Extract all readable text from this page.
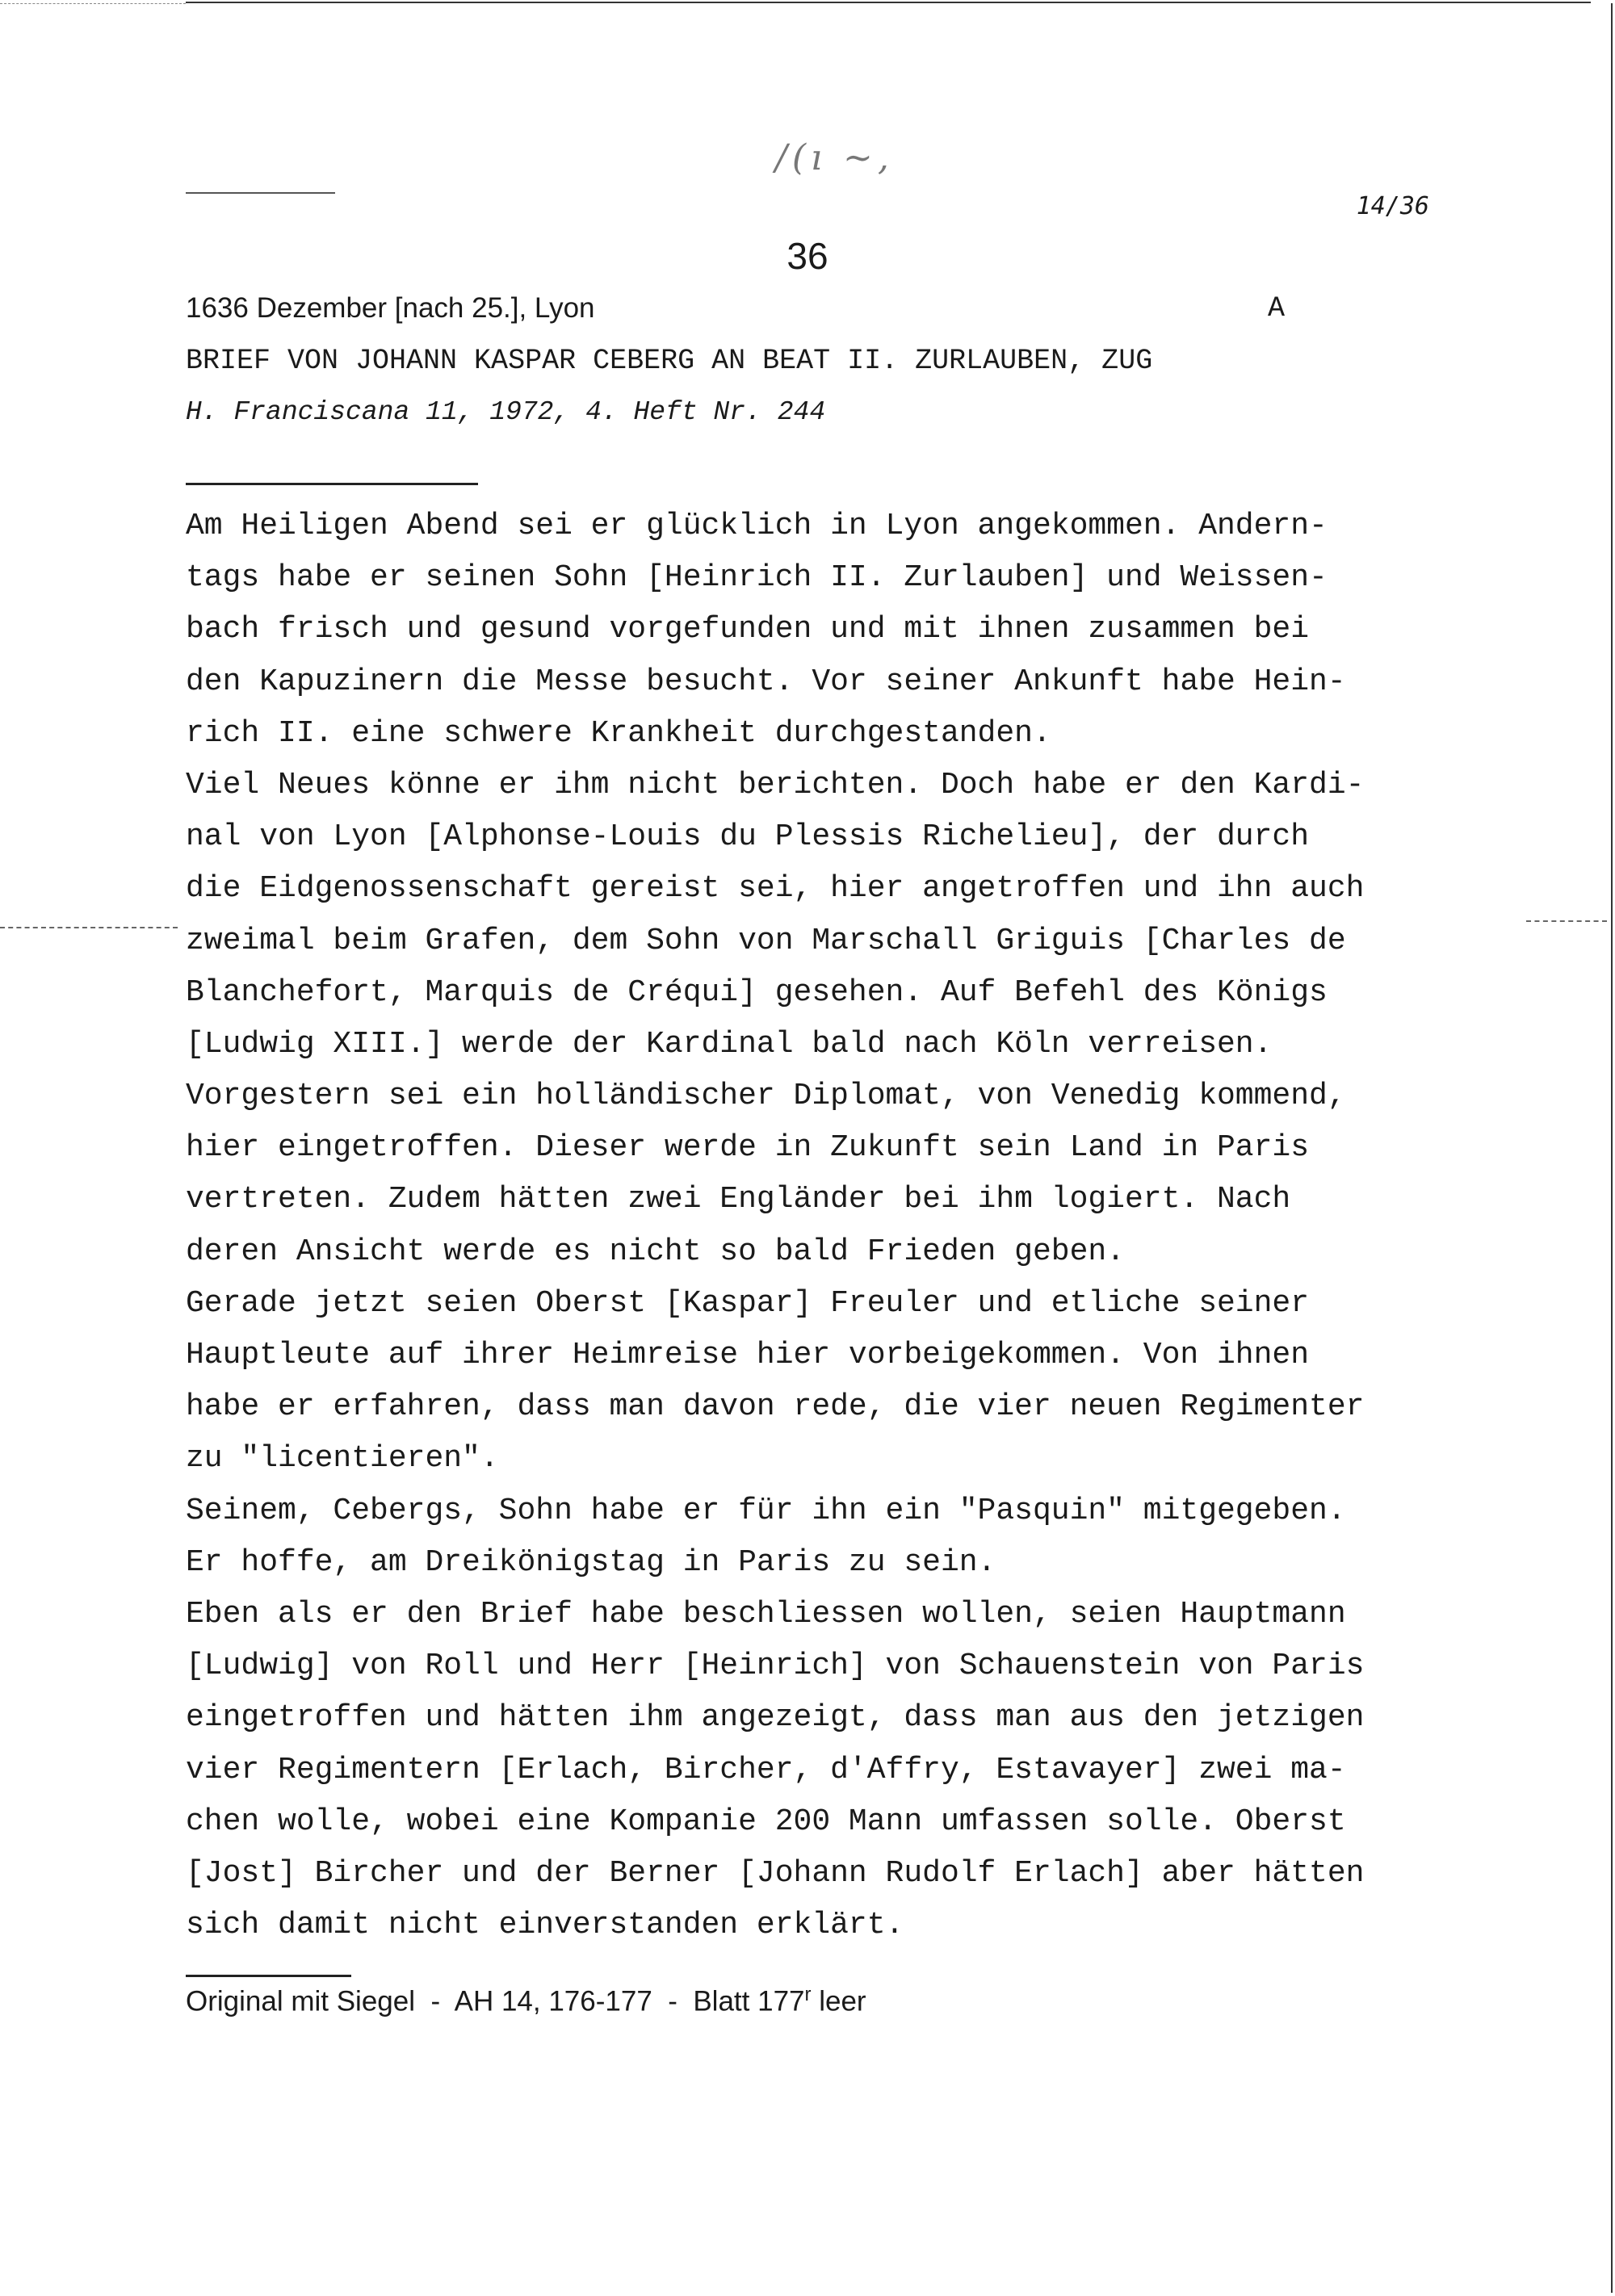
/(ı ~,
14/36
36
1636 Dezember [nach 25.], Lyon	A
BRIEF VON JOHANN KASPAR CEBERG AN BEAT II. ZURLAUBEN, ZUG
H. Franciscana 11, 1972, 4. Heft Nr. 244
Am Heiligen Abend sei er glücklich in Lyon angekommen. Andern-
tags habe er seinen Sohn [Heinrich II. Zurlauben] und Weissen-
bach frisch und gesund vorgefunden und mit ihnen zusammen bei
den Kapuzinern die Messe besucht. Vor seiner Ankunft habe Hein-
rich II. eine schwere Krankheit durchgestanden.
Viel Neues könne er ihm nicht berichten. Doch habe er den Kardi-
nal von Lyon [Alphonse-Louis du Plessis Richelieu], der durch
die Eidgenossenschaft gereist sei, hier angetroffen und ihn auch
zweimal beim Grafen, dem Sohn von Marschall Griguis [Charles de
Blanchefort, Marquis de Créqui] gesehen. Auf Befehl des Königs
[Ludwig XIII.] werde der Kardinal bald nach Köln verreisen.
Vorgestern sei ein holländischer Diplomat, von Venedig kommend,
hier eingetroffen. Dieser werde in Zukunft sein Land in Paris
vertreten. Zudem hätten zwei Engländer bei ihm logiert. Nach
deren Ansicht werde es nicht so bald Frieden geben.
Gerade jetzt seien Oberst [Kaspar] Freuler und etliche seiner
Hauptleute auf ihrer Heimreise hier vorbeigekommen. Von ihnen
habe er erfahren, dass man davon rede, die vier neuen Regimenter
zu "licentieren".
Seinem, Cebergs, Sohn habe er für ihn ein "Pasquin" mitgegeben.
Er hoffe, am Dreikönigstag in Paris zu sein.
Eben als er den Brief habe beschliessen wollen, seien Hauptmann
[Ludwig] von Roll und Herr [Heinrich] von Schauenstein von Paris
eingetroffen und hätten ihm angezeigt, dass man aus den jetzigen
vier Regimentern [Erlach, Bircher, d'Affry, Estavayer] zwei ma-
chen wolle, wobei eine Kompanie 200 Mann umfassen solle. Oberst
[Jost] Bircher und der Berner [Johann Rudolf Erlach] aber hätten
sich damit nicht einverstanden erklärt.
Original mit Siegel  -  AH 14, 176-177  -  Blatt 177$^r$ leer
